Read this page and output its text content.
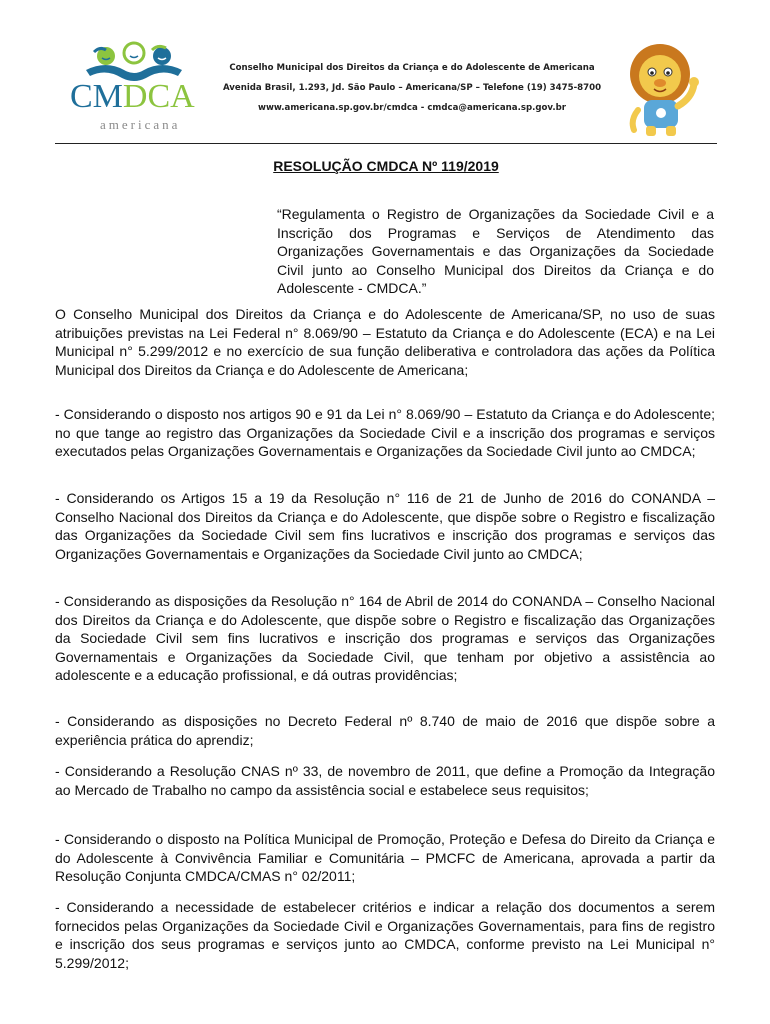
CMDCA
americana
Conselho Municipal dos Direitos da Criança e do Adolescente de Americana
Avenida Brasil, 1.293, Jd. São Paulo – Americana/SP – Telefone (19) 3475-8700
www.americana.sp.gov.br/cmdca - cmdca@americana.sp.gov.br
RESOLUÇÃO CMDCA Nº 119/2019
“Regulamenta o Registro de Organizações da Sociedade Civil e a Inscrição dos Programas e Serviços de Atendimento das Organizações Governamentais e das Organizações da Sociedade Civil junto ao Conselho Municipal dos Direitos da Criança e do Adolescente - CMDCA.”
O Conselho Municipal dos Direitos da Criança e do Adolescente de Americana/SP, no uso de suas atribuições previstas na Lei Federal n° 8.069/90 – Estatuto da Criança e do Adolescente (ECA) e na Lei Municipal n° 5.299/2012 e no exercício de sua função deliberativa e controladora das ações da Política Municipal dos Direitos da Criança e do Adolescente de Americana;
- Considerando o disposto nos artigos 90 e 91 da Lei n° 8.069/90 – Estatuto da Criança e do Adolescente; no que tange ao registro das Organizações da Sociedade Civil e a inscrição dos programas e serviços executados pelas Organizações Governamentais e Organizações da Sociedade Civil junto ao CMDCA;
- Considerando os Artigos 15 a 19 da Resolução n° 116 de 21 de Junho de 2016 do CONANDA – Conselho Nacional dos Direitos da Criança e do Adolescente, que dispõe sobre o Registro e fiscalização das Organizações da Sociedade Civil sem fins lucrativos e inscrição dos programas e serviços das Organizações Governamentais e Organizações da Sociedade Civil junto ao CMDCA;
- Considerando as disposições da Resolução n° 164 de Abril de 2014 do CONANDA – Conselho Nacional dos Direitos da Criança e do Adolescente, que dispõe sobre o Registro e fiscalização das Organizações da Sociedade Civil sem fins lucrativos e inscrição dos programas e serviços das Organizações Governamentais e Organizações da Sociedade Civil, que tenham por objetivo a assistência ao adolescente e a educação profissional, e dá outras providências;
- Considerando as disposições no Decreto Federal nº 8.740 de maio de 2016 que dispõe sobre a experiência prática do aprendiz;
- Considerando a Resolução CNAS nº 33, de novembro de 2011, que define a Promoção da Integração ao Mercado de Trabalho no campo da assistência social e estabelece seus requisitos;
- Considerando o disposto na Política Municipal de Promoção, Proteção e Defesa do Direito da Criança e do Adolescente à Convivência Familiar e Comunitária – PMCFC de Americana, aprovada a partir da Resolução Conjunta CMDCA/CMAS n° 02/2011;
- Considerando a necessidade de estabelecer critérios e indicar a relação dos documentos a serem fornecidos pelas Organizações da Sociedade Civil e Organizações Governamentais, para fins de registro e inscrição dos seus programas e serviços junto ao CMDCA, conforme previsto na Lei Municipal n° 5.299/2012;
